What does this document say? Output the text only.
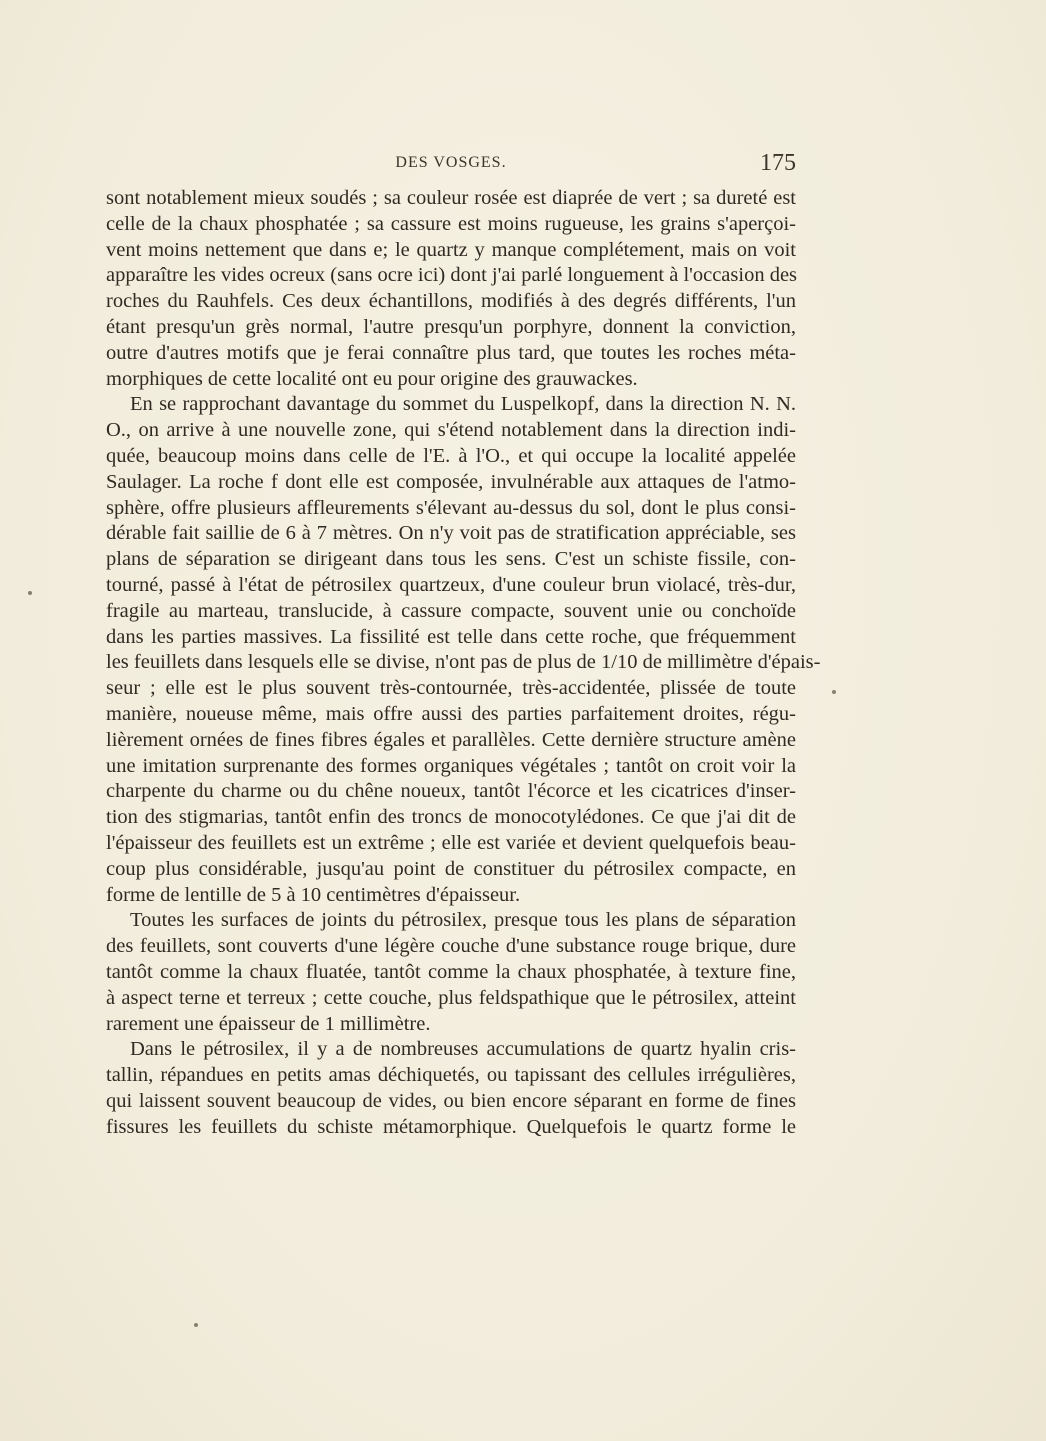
DES VOSGES.	175
sont notablement mieux soudés ; sa couleur rosée est diaprée de vert ; sa dureté est
celle de la chaux phosphatée ; sa cassure est moins rugueuse, les grains s'aperçoi-
vent moins nettement que dans e; le quartz y manque complétement, mais on voit
apparaître les vides ocreux (sans ocre ici) dont j'ai parlé longuement à l'occasion des
roches du Rauhfels. Ces deux échantillons, modifiés à des degrés différents, l'un
étant presqu'un grès normal, l'autre presqu'un porphyre, donnent la conviction,
outre d'autres motifs que je ferai connaître plus tard, que toutes les roches méta-
morphiques de cette localité ont eu pour origine des grauwackes.
En se rapprochant davantage du sommet du Luspelkopf, dans la direction N. N.
O., on arrive à une nouvelle zone, qui s'étend notablement dans la direction indi-
quée, beaucoup moins dans celle de l'E. à l'O., et qui occupe la localité appelée
Saulager. La roche f dont elle est composée, invulnérable aux attaques de l'atmo-
sphère, offre plusieurs affleurements s'élevant au-dessus du sol, dont le plus consi-
dérable fait saillie de 6 à 7 mètres. On n'y voit pas de stratification appréciable, ses
plans de séparation se dirigeant dans tous les sens. C'est un schiste fissile, con-
tourné, passé à l'état de pétrosilex quartzeux, d'une couleur brun violacé, très-dur,
fragile au marteau, translucide, à cassure compacte, souvent unie ou conchoïde
dans les parties massives. La fissilité est telle dans cette roche, que fréquemment
les feuillets dans lesquels elle se divise, n'ont pas de plus de 1/10 de millimètre d'épais-
seur ; elle est le plus souvent très-contournée, très-accidentée, plissée de toute
manière, noueuse même, mais offre aussi des parties parfaitement droites, régu-
lièrement ornées de fines fibres égales et parallèles. Cette dernière structure amène
une imitation surprenante des formes organiques végétales ; tantôt on croit voir la
charpente du charme ou du chêne noueux, tantôt l'écorce et les cicatrices d'inser-
tion des stigmarias, tantôt enfin des troncs de monocotylédones. Ce que j'ai dit de
l'épaisseur des feuillets est un extrême ; elle est variée et devient quelquefois beau-
coup plus considérable, jusqu'au point de constituer du pétrosilex compacte, en
forme de lentille de 5 à 10 centimètres d'épaisseur.
Toutes les surfaces de joints du pétrosilex, presque tous les plans de séparation
des feuillets, sont couverts d'une légère couche d'une substance rouge brique, dure
tantôt comme la chaux fluatée, tantôt comme la chaux phosphatée, à texture fine,
à aspect terne et terreux ; cette couche, plus feldspathique que le pétrosilex, atteint
rarement une épaisseur de 1 millimètre.
Dans le pétrosilex, il y a de nombreuses accumulations de quartz hyalin cris-
tallin, répandues en petits amas déchiquetés, ou tapissant des cellules irrégulières,
qui laissent souvent beaucoup de vides, ou bien encore séparant en forme de fines
fissures les feuillets du schiste métamorphique. Quelquefois le quartz forme le
